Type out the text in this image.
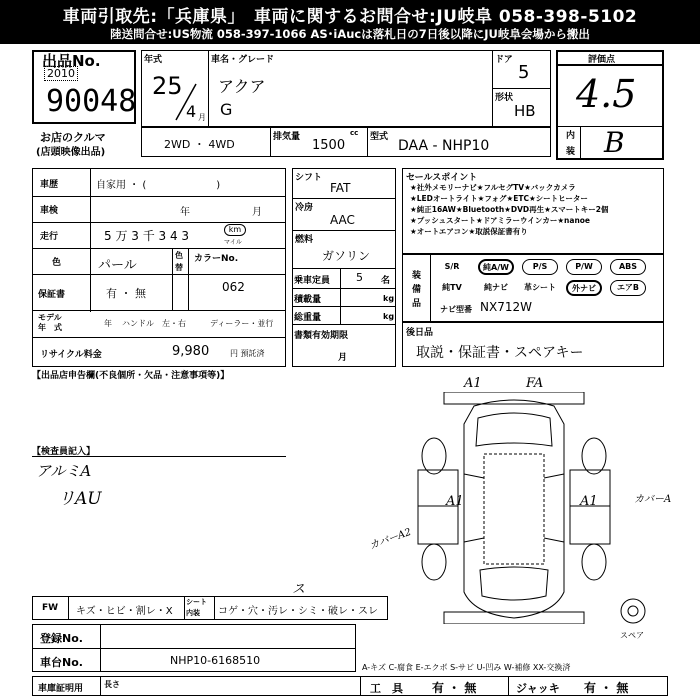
車両引取先:「兵庫県」　車両に関するお問合せ:JU岐阜 058-398-5102
陸送問合せ:US物流 058-397-1066 AS･iAucは落札日の7日後以降にJU岐阜会場から搬出
出品No.
2010
90048
お店のクルマ
(店頭映像出品)
年式
25
4 月
車名・グレード
アクア
G
ドア
5
形状
HB
評価点
4.5
内
装 B
2WD ・ 4WD
排気量	cc
1500
型式
DAA - NHP10
車歴	自家用 ・ (　　　　　　　)
車検	年	月
走行	5 万 3 千 3 4 3	km
マイル
色	パール
色
替
カラーNo.
062
保証書	有 ・ 無
モデル
年　式	年 ハンドル　左・右	ディーラー・並行
リサイクル料金	9,980	円 預託済
シフト
FAT
冷房
AAC
燃料
ガソリン
乗車定員 5 名
積載量	kg
総重量	kg
書類有効期限
月
セールスポイント
★社外メモリーナビ★フルセグTV★バックカメラ
★LEDオートライト★フォグ★ETC★シートヒーター
★純正16AW★Bluetooth★DVD再生★スマートキー2個
★プッシュスタート★ドアミラーウインカー★nanoe
★オートエアコン★取説保証書有り
装
備
品
S/R	純A/W	P/S	P/W	ABS
純TV	純ナビ	革シート	外ナビ	エアB
ナビ型番 NX712W
後日品
取説・保証書・スペアキー
【出品店申告欄(不良個所・欠品・注意事項等)】
【検査員記入】
アルミA
リAU
A1	FA
A1	A1	カバーA
カバーA2
スペア
FW キズ・ヒビ・割レ・X
シート
内装 コゲ・穴・汚レ・シミ・破レ・スレ
ス
登録No.
車台No.	NHP10-6168510
A-キズ C-腐食 E-エクボ S-サビ U-凹み W-補修 XX-交換済
車庫証明用	長さ	工　具 有 ・ 無	ジャッキ 有 ・ 無
